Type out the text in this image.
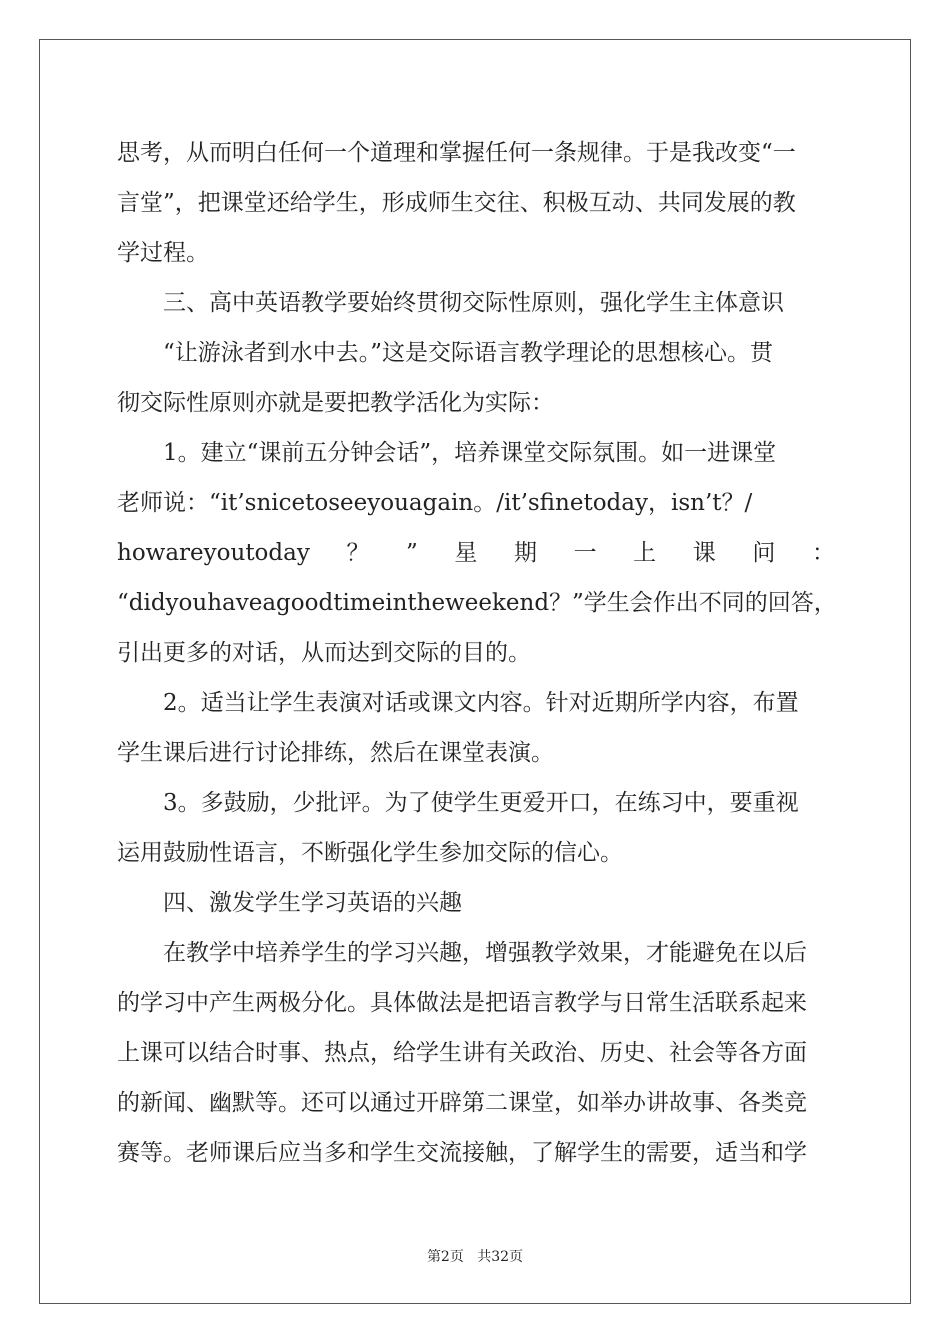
思考，从而明白任何一个道理和掌握任何一条规律。于是我改变“一
言堂”，把课堂还给学生，形成师生交往、积极互动、共同发展的教
学过程。
三、高中英语教学要始终贯彻交际性原则，强化学生主体意识
“让游泳者到水中去。”这是交际语言教学理论的思想核心。贯
彻交际性原则亦就是要把教学活化为实际：
1。建立“课前五分钟会话”，培养课堂交际氛围。如一进课堂
老师说：“it’snicetoseeyouagain。/it’sfinetoday，isn’t？/
howareyoutoday ？ ” 星 期 一 上 课 问 ：
“didyouhaveagoodtimeintheweekend？”学生会作出不同的回答，
引出更多的对话，从而达到交际的目的。
2。适当让学生表演对话或课文内容。针对近期所学内容，布置
学生课后进行讨论排练，然后在课堂表演。
3。多鼓励，少批评。为了使学生更爱开口，在练习中，要重视
运用鼓励性语言，不断强化学生参加交际的信心。
四、激发学生学习英语的兴趣
在教学中培养学生的学习兴趣，增强教学效果，才能避免在以后
的学习中产生两极分化。具体做法是把语言教学与日常生活联系起来
上课可以结合时事、热点，给学生讲有关政治、历史、社会等各方面
的新闻、幽默等。还可以通过开辟第二课堂，如举办讲故事、各类竞
赛等。老师课后应当多和学生交流接触，了解学生的需要，适当和学
第2页 共32页
